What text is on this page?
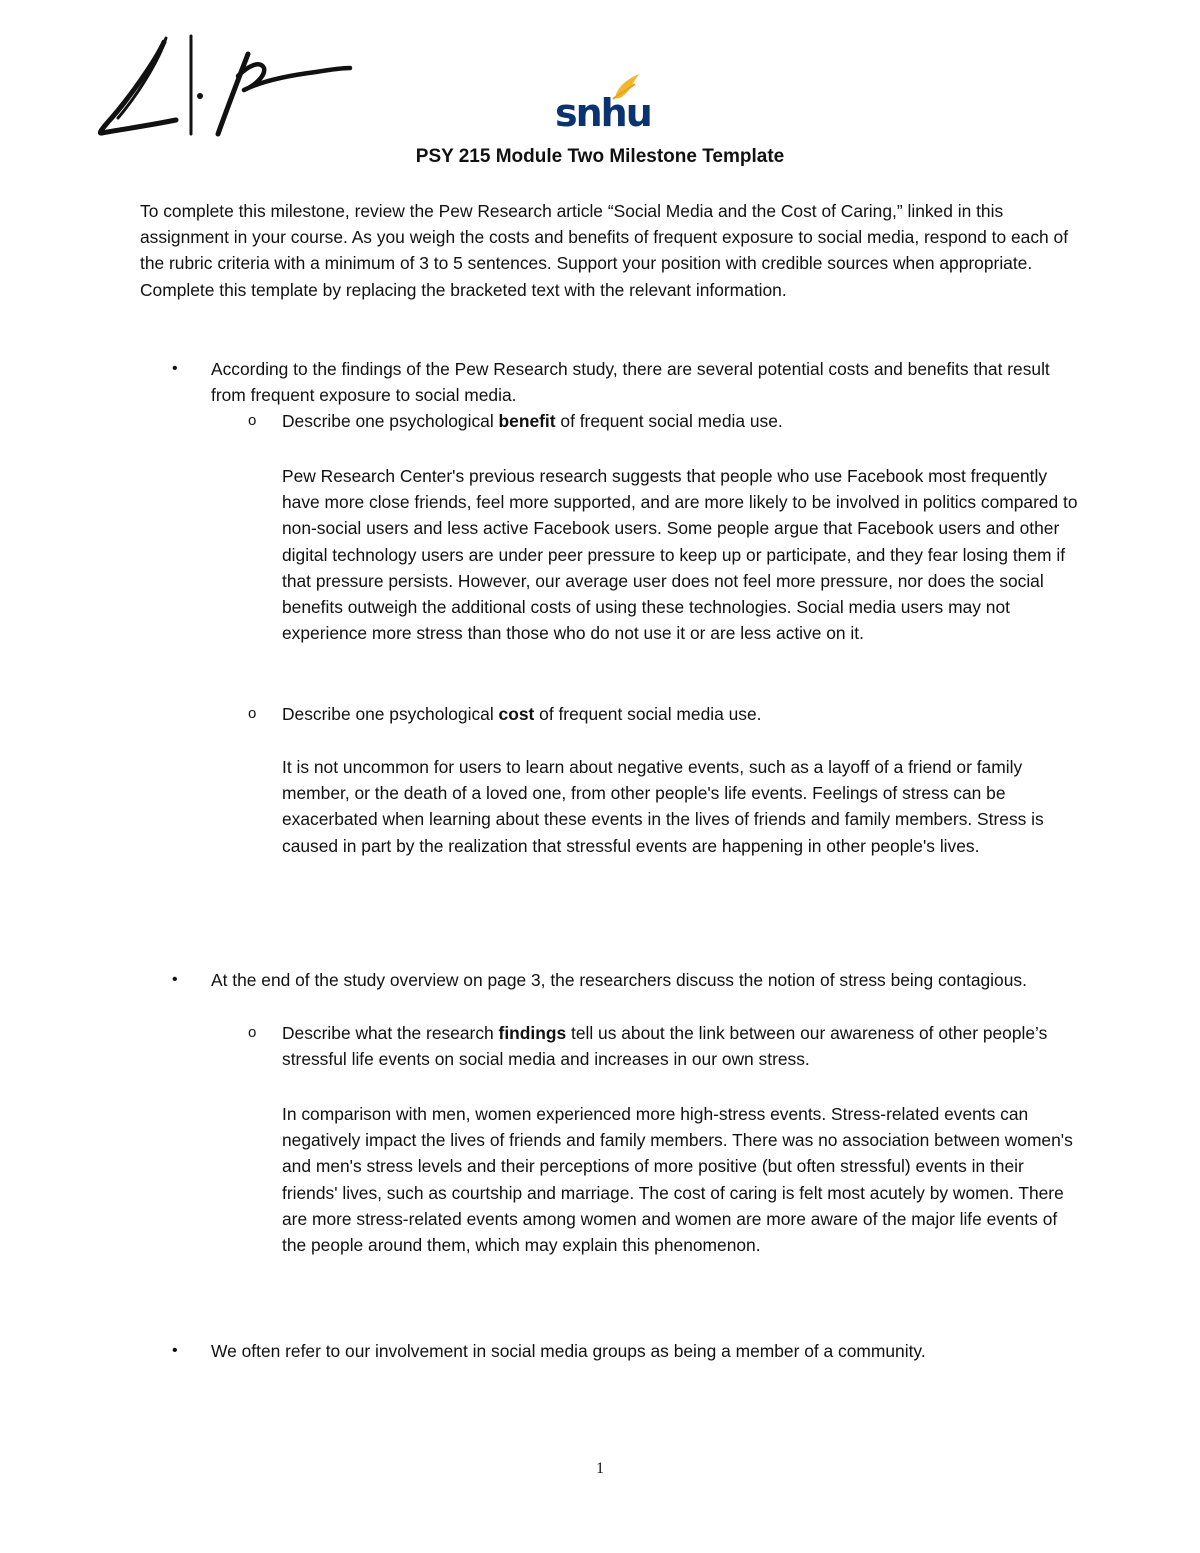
snhu
PSY 215 Module Two Milestone Template

To complete this milestone, review the Pew Research article “Social Media and the Cost of Caring,” linked in this assignment in your course. As you weigh the costs and benefits of frequent exposure to social media, respond to each of the rubric criteria with a minimum of 3 to 5 sentences. Support your position with credible sources when appropriate. Complete this template by replacing the bracketed text with the relevant information.

• According to the findings of the Pew Research study, there are several potential costs and benefits that result from frequent exposure to social media.

o Describe one psychological benefit of frequent social media use.

Pew Research Center's previous research suggests that people who use Facebook most frequently have more close friends, feel more supported, and are more likely to be involved in politics compared to non-social users and less active Facebook users. Some people argue that Facebook users and other digital technology users are under peer pressure to keep up or participate, and they fear losing them if that pressure persists. However, our average user does not feel more pressure, nor does the social benefits outweigh the additional costs of using these technologies. Social media users may not experience more stress than those who do not use it or are less active on it.

o Describe one psychological cost of frequent social media use.

It is not uncommon for users to learn about negative events, such as a layoff of a friend or family member, or the death of a loved one, from other people's life events. Feelings of stress can be exacerbated when learning about these events in the lives of friends and family members. Stress is caused in part by the realization that stressful events are happening in other people's lives.

• At the end of the study overview on page 3, the researchers discuss the notion of stress being contagious.

o Describe what the research findings tell us about the link between our awareness of other people’s stressful life events on social media and increases in our own stress.

In comparison with men, women experienced more high-stress events. Stress-related events can negatively impact the lives of friends and family members. There was no association between women's and men's stress levels and their perceptions of more positive (but often stressful) events in their friends' lives, such as courtship and marriage. The cost of caring is felt most acutely by women. There are more stress-related events among women and women are more aware of the major life events of the people around them, which may explain this phenomenon.

• We often refer to our involvement in social media groups as being a member of a community.

1
